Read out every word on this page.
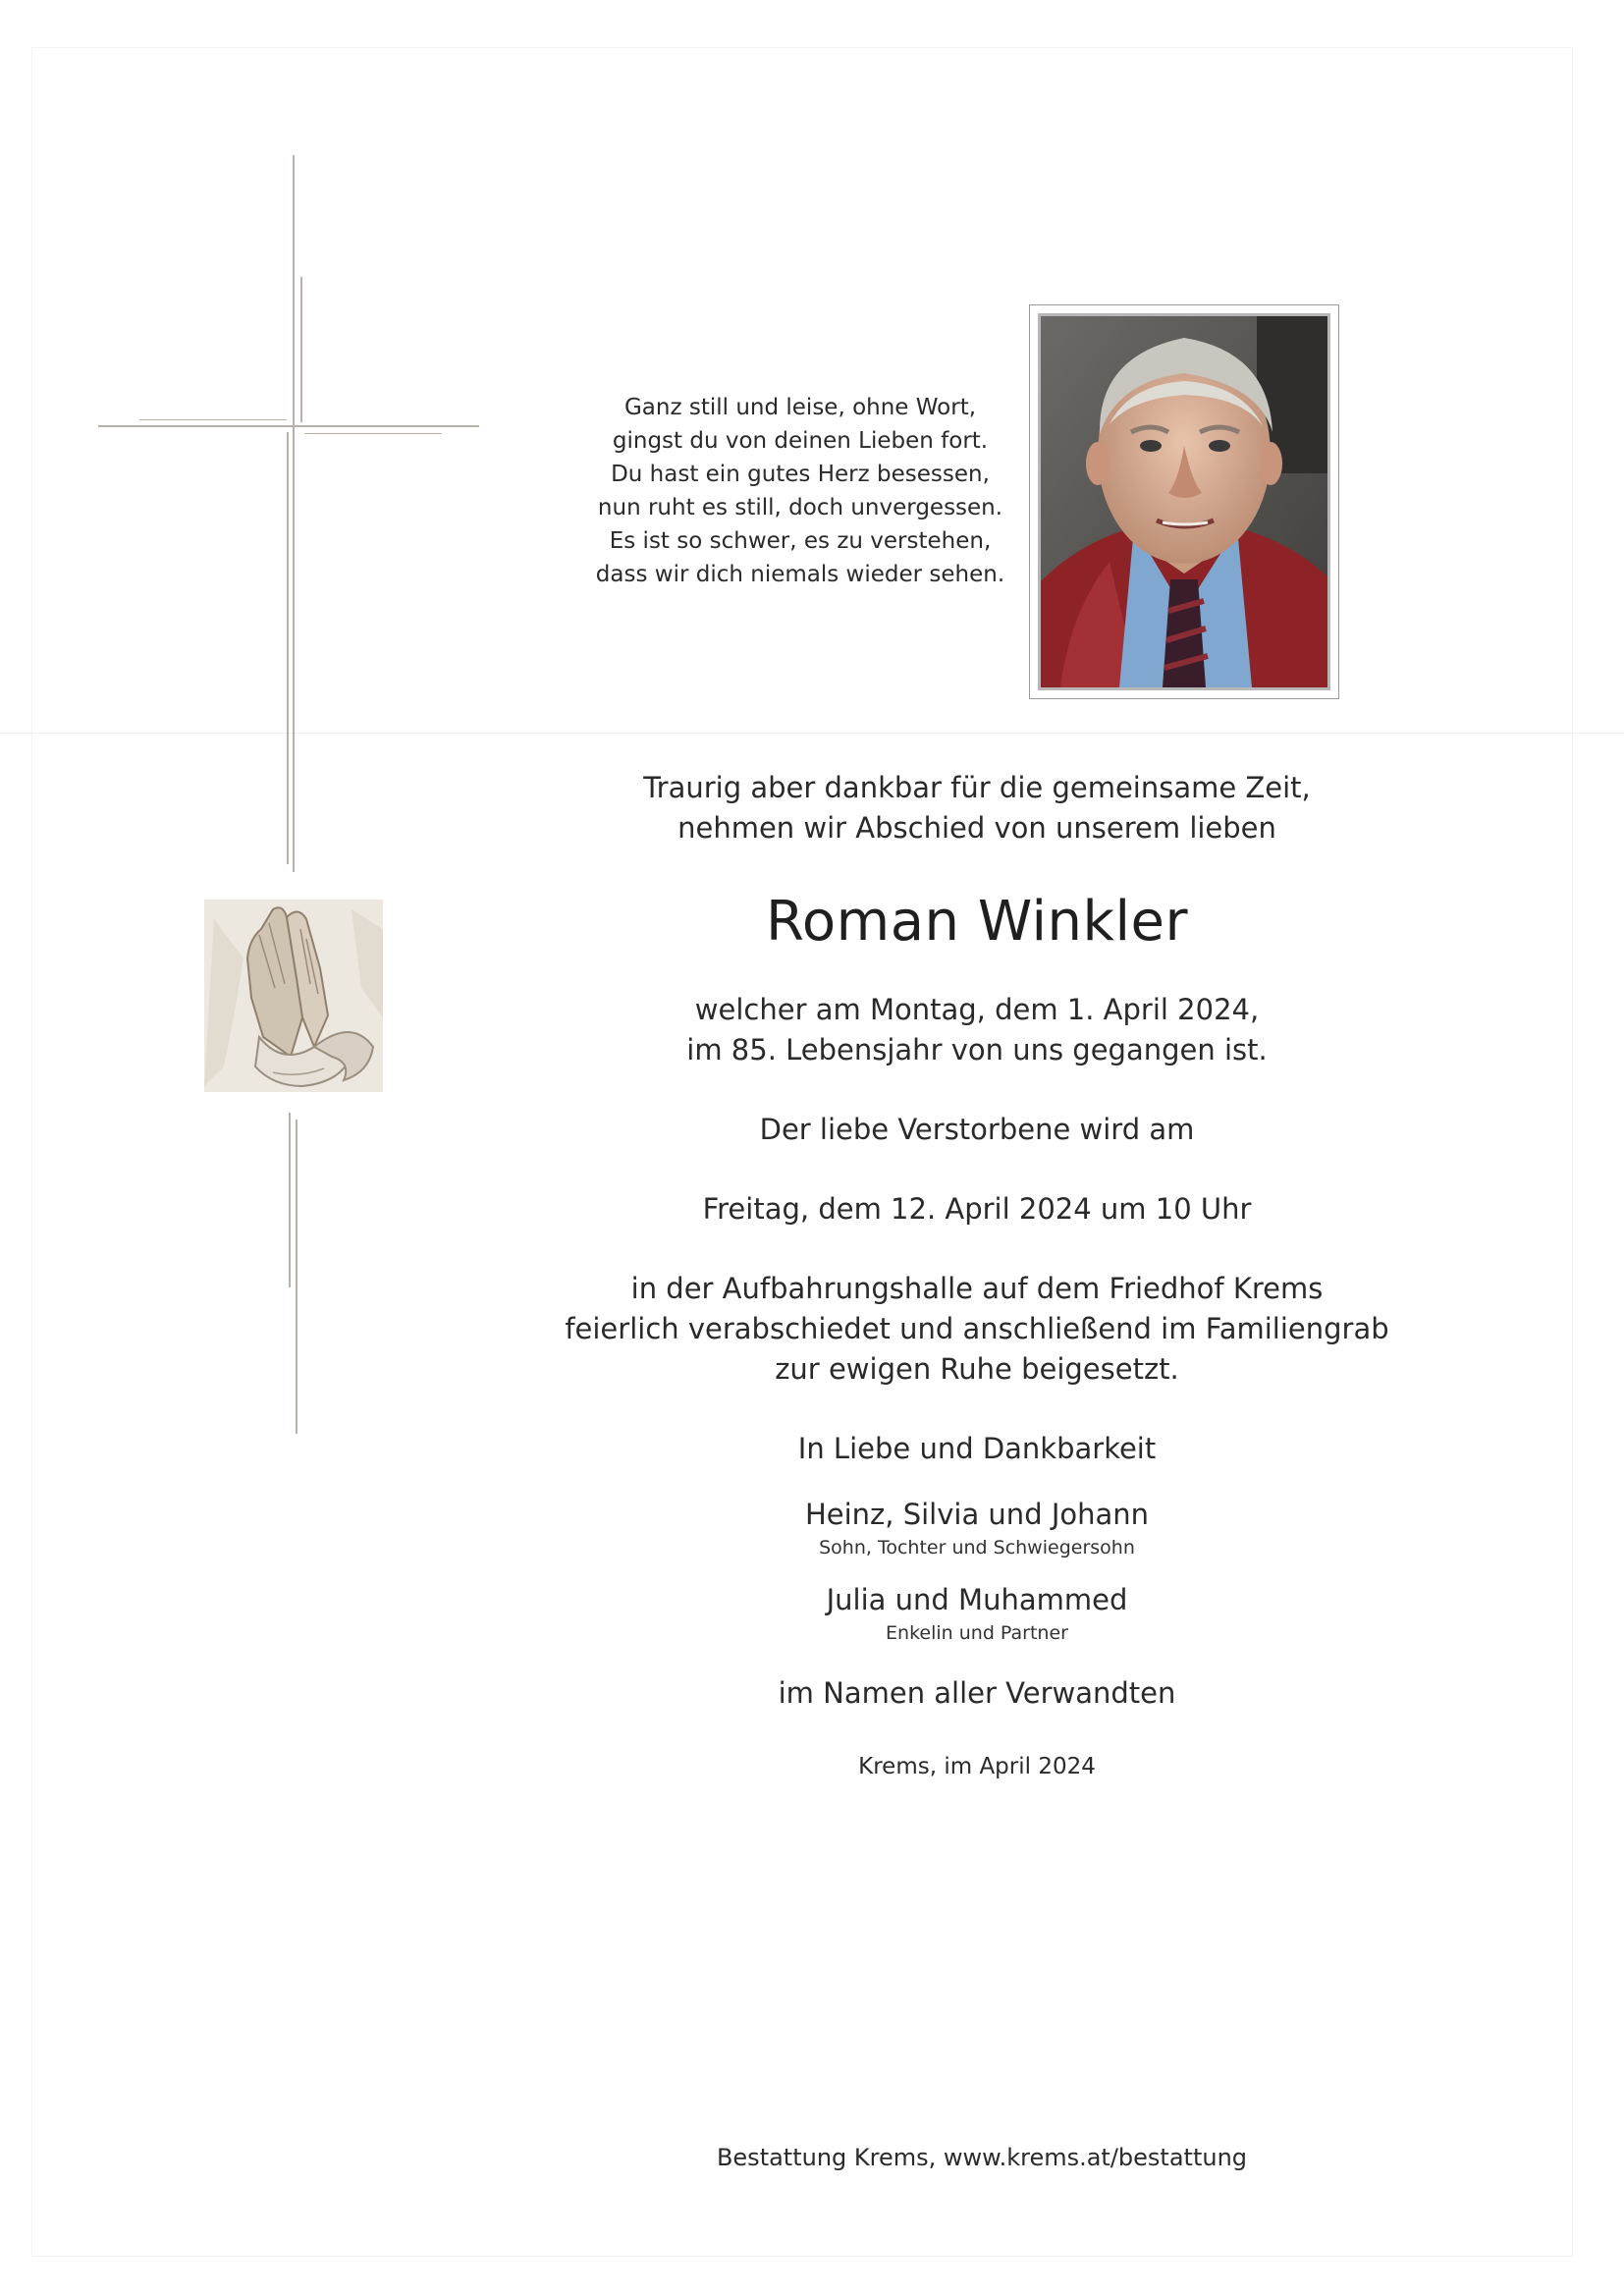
Ganz still und leise, ohne Wort,
gingst du von deinen Lieben fort.
Du hast ein gutes Herz besessen,
nun ruht es still, doch unvergessen.
Es ist so schwer, es zu verstehen,
dass wir dich niemals wieder sehen.
Traurig aber dankbar für die gemeinsame Zeit,
nehmen wir Abschied von unserem lieben
Roman Winkler
welcher am Montag, dem 1. April 2024,
im 85. Lebensjahr von uns gegangen ist.
Der liebe Verstorbene wird am
Freitag, dem 12. April 2024 um 10 Uhr
in der Aufbahrungshalle auf dem Friedhof Krems
feierlich verabschiedet und anschließend im Familiengrab
zur ewigen Ruhe beigesetzt.
In Liebe und Dankbarkeit
Heinz, Silvia und Johann
Sohn, Tochter und Schwiegersohn
Julia und Muhammed
Enkelin und Partner
im Namen aller Verwandten
Krems, im April 2024
Bestattung Krems, www.krems.at/bestattung
